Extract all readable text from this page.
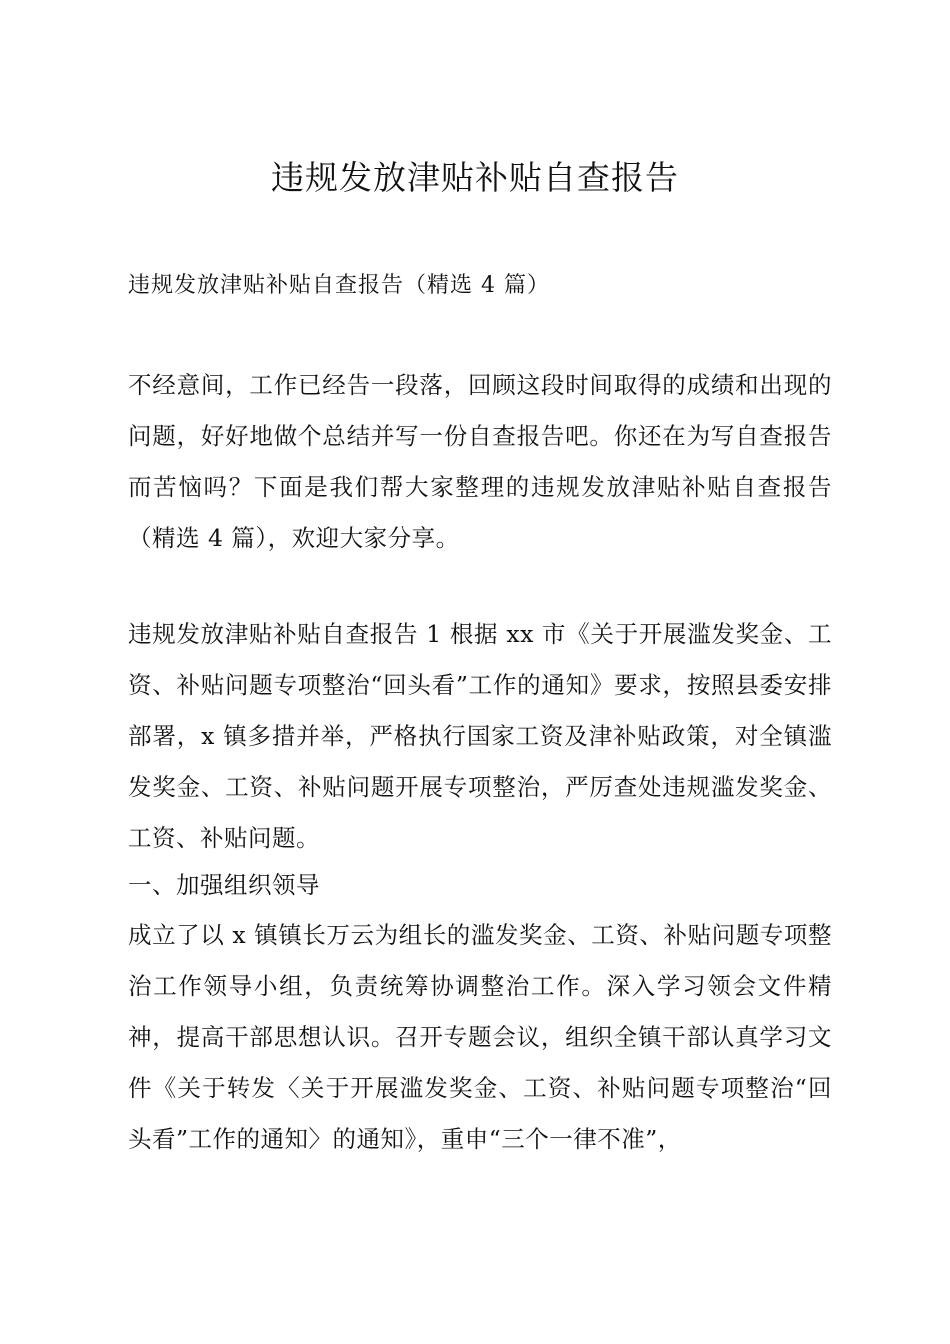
违规发放津贴补贴自查报告

违规发放津贴补贴自查报告（精选 4 篇）

不经意间，工作已经告一段落，回顾这段时间取得的成绩和出现的问题，好好地做个总结并写一份自查报告吧。你还在为写自查报告而苦恼吗？下面是我们帮大家整理的违规发放津贴补贴自查报告（精选 4 篇），欢迎大家分享。

违规发放津贴补贴自查报告 1 根据 xx 市《关于开展滥发奖金、工资、补贴问题专项整治“回头看”工作的通知》要求，按照县委安排部署，x 镇多措并举，严格执行国家工资及津补贴政策，对全镇滥发奖金、工资、补贴问题开展专项整治，严厉查处违规滥发奖金、工资、补贴问题。

一、加强组织领导

成立了以 x 镇镇长万云为组长的滥发奖金、工资、补贴问题专项整治工作领导小组，负责统筹协调整治工作。深入学习领会文件精神，提高干部思想认识。召开专题会议，组织全镇干部认真学习文件《关于转发〈关于开展滥发奖金、工资、补贴问题专项整治“回头看”工作的通知〉的通知》，重申“三个一律不准”，
